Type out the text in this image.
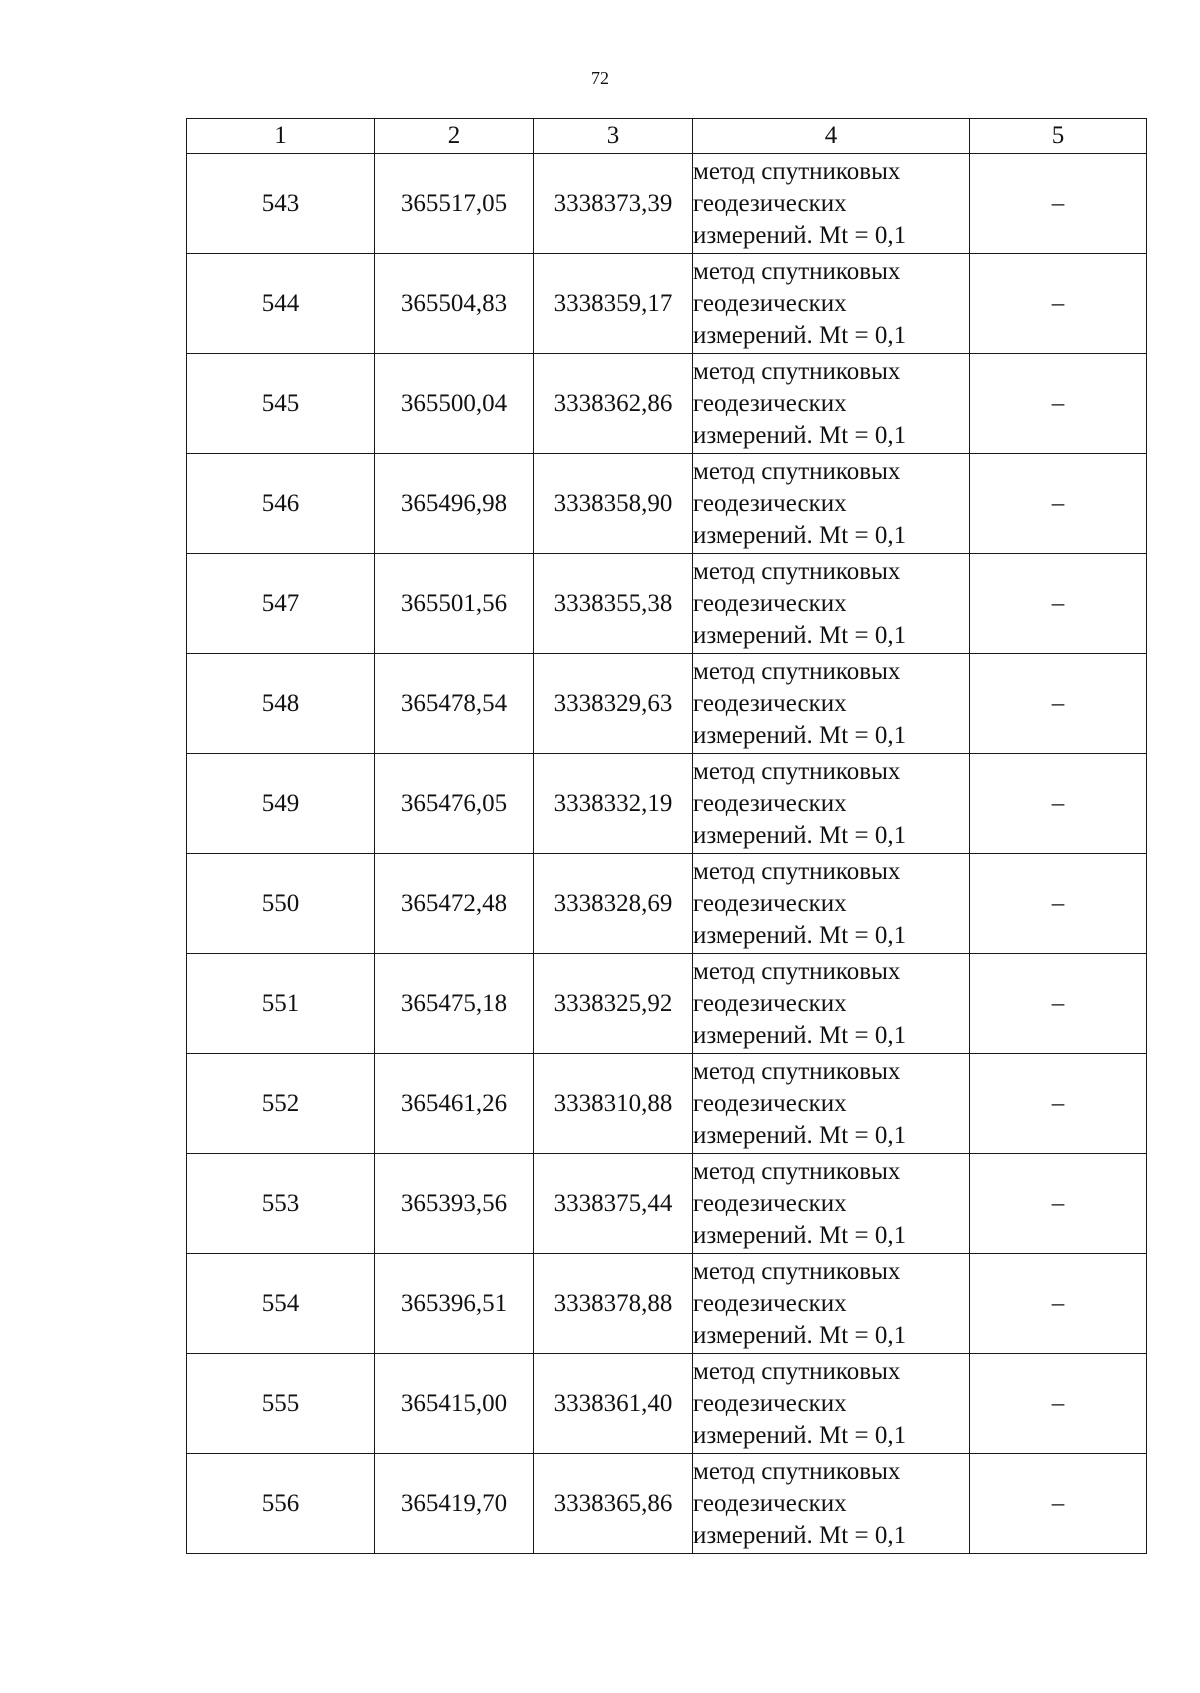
72
1	2	3	4	5
543	365517,05	3338373,39	метод спутниковых
геодезических
измерений. Mt = 0,1	–
544	365504,83	3338359,17	метод спутниковых
геодезических
измерений. Mt = 0,1	–
545	365500,04	3338362,86	метод спутниковых
геодезических
измерений. Mt = 0,1	–
546	365496,98	3338358,90	метод спутниковых
геодезических
измерений. Mt = 0,1	–
547	365501,56	3338355,38	метод спутниковых
геодезических
измерений. Mt = 0,1	–
548	365478,54	3338329,63	метод спутниковых
геодезических
измерений. Mt = 0,1	–
549	365476,05	3338332,19	метод спутниковых
геодезических
измерений. Mt = 0,1	–
550	365472,48	3338328,69	метод спутниковых
геодезических
измерений. Mt = 0,1	–
551	365475,18	3338325,92	метод спутниковых
геодезических
измерений. Mt = 0,1	–
552	365461,26	3338310,88	метод спутниковых
геодезических
измерений. Mt = 0,1	–
553	365393,56	3338375,44	метод спутниковых
геодезических
измерений. Mt = 0,1	–
554	365396,51	3338378,88	метод спутниковых
геодезических
измерений. Mt = 0,1	–
555	365415,00	3338361,40	метод спутниковых
геодезических
измерений. Mt = 0,1	–
556	365419,70	3338365,86	метод спутниковых
геодезических
измерений. Mt = 0,1	–
